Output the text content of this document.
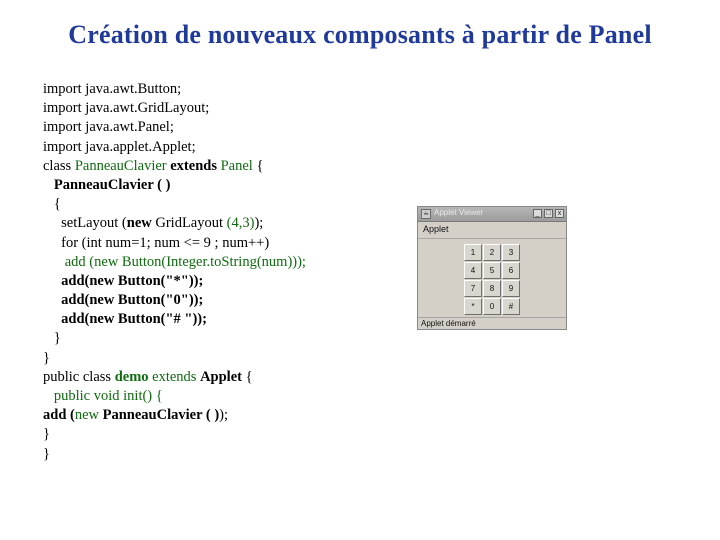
Création de nouveaux composants à partir de Panel
import java.awt.Button;
import java.awt.GridLayout;
import java.awt.Panel;
import java.applet.Applet;
class PanneauClavier extends Panel {
PanneauClavier ( )
{
setLayout (new GridLayout (4,3));
for (int num=1; num <= 9 ; num++)
add (new Button(Integer.toString(num)));
add(new Button("*"));
add(new Button("0"));
add(new Button("# "));
}
}
public class demo extends Applet {
public void init() {
add (new PanneauClavier ( ));
}
}
☕ Applet Viewer	_ □	x
Applet
1	2	3
4	5	6
7	8	9
*	0	#
Applet démarré
